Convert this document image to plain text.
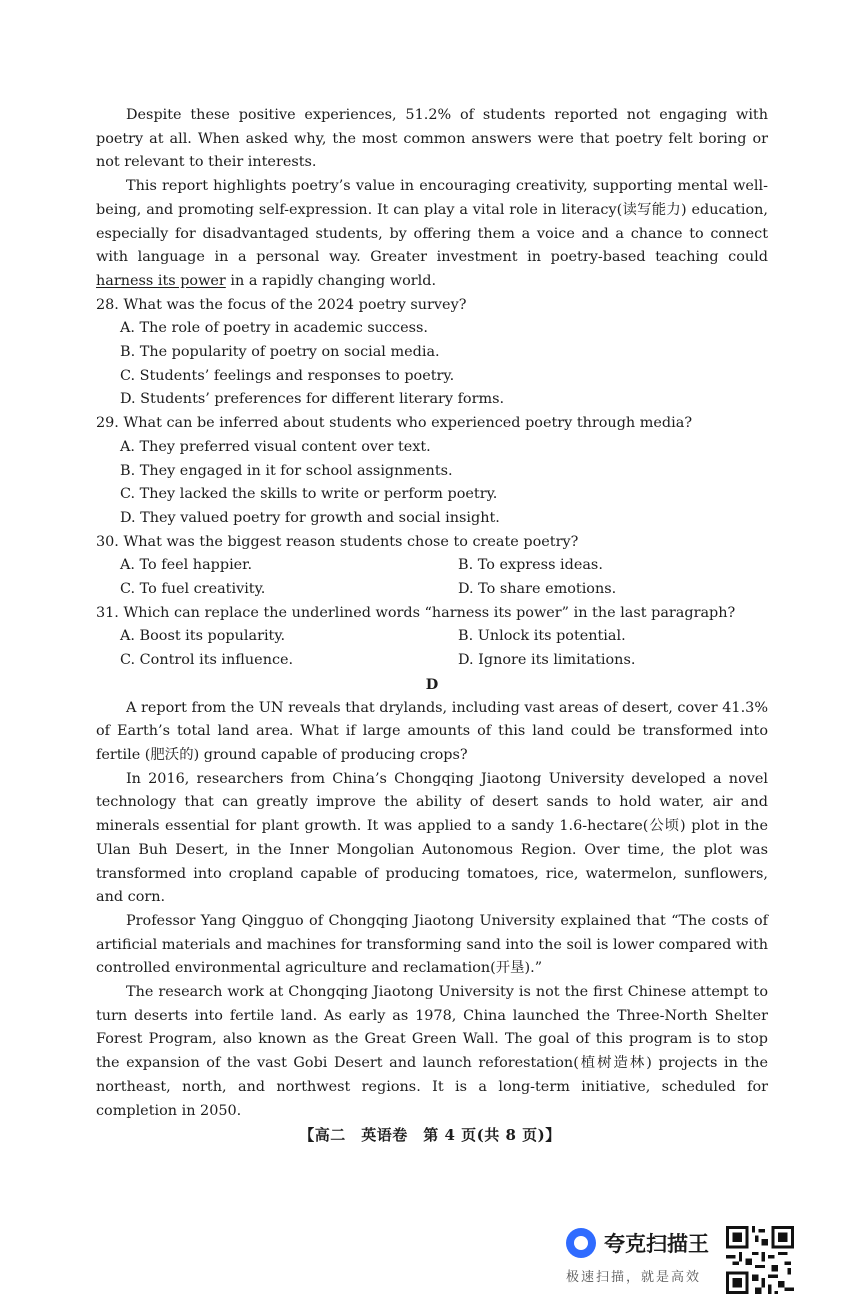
Despite these positive experiences, 51.2% of students reported not engaging with poetry at all. When asked why, the most common answers were that poetry felt boring or not relevant to their interests.

This report highlights poetry’s value in encouraging creativity, supporting mental well-being, and promoting self-expression. It can play a vital role in literacy(读写能力) education, especially for disadvantaged students, by offering them a voice and a chance to connect with language in a personal way. Greater investment in poetry-based teaching could harness its power in a rapidly changing world.

28. What was the focus of the 2024 poetry survey?

A. The role of poetry in academic success.

B. The popularity of poetry on social media.

C. Students’ feelings and responses to poetry.

D. Students’ preferences for different literary forms.

29. What can be inferred about students who experienced poetry through media?

A. They preferred visual content over text.

B. They engaged in it for school assignments.

C. They lacked the skills to write or perform poetry.

D. They valued poetry for growth and social insight.

30. What was the biggest reason students chose to create poetry?

A. To feel happier.	B. To express ideas.
C. To fuel creativity.	D. To share emotions.

31. Which can replace the underlined words “harness its power” in the last paragraph?

A. Boost its popularity.	B. Unlock its potential.
C. Control its influence.	D. Ignore its limitations.

D

A report from the UN reveals that drylands, including vast areas of desert, cover 41.3% of Earth’s total land area. What if large amounts of this land could be transformed into fertile (肥沃的) ground capable of producing crops?

In 2016, researchers from China’s Chongqing Jiaotong University developed a novel technology that can greatly improve the ability of desert sands to hold water, air and minerals essential for plant growth. It was applied to a sandy 1.6-hectare(公顷) plot in the Ulan Buh Desert, in the Inner Mongolian Autonomous Region. Over time, the plot was transformed into cropland capable of producing tomatoes, rice, watermelon, sunflowers, and corn.

Professor Yang Qingguo of Chongqing Jiaotong University explained that “The costs of artificial materials and machines for transforming sand into the soil is lower compared with controlled environmental agriculture and reclamation(开垦).”

The research work at Chongqing Jiaotong University is not the first Chinese attempt to turn deserts into fertile land. As early as 1978, China launched the Three-North Shelter Forest Program, also known as the Great Green Wall. The goal of this program is to stop the expansion of the vast Gobi Desert and launch reforestation(植树造林) projects in the northeast, north, and northwest regions. It is a long-term initiative, scheduled for completion in 2050.

【高二　英语卷　第 4 页(共 8 页)】
夸克扫描王
极速扫描，就是高效
